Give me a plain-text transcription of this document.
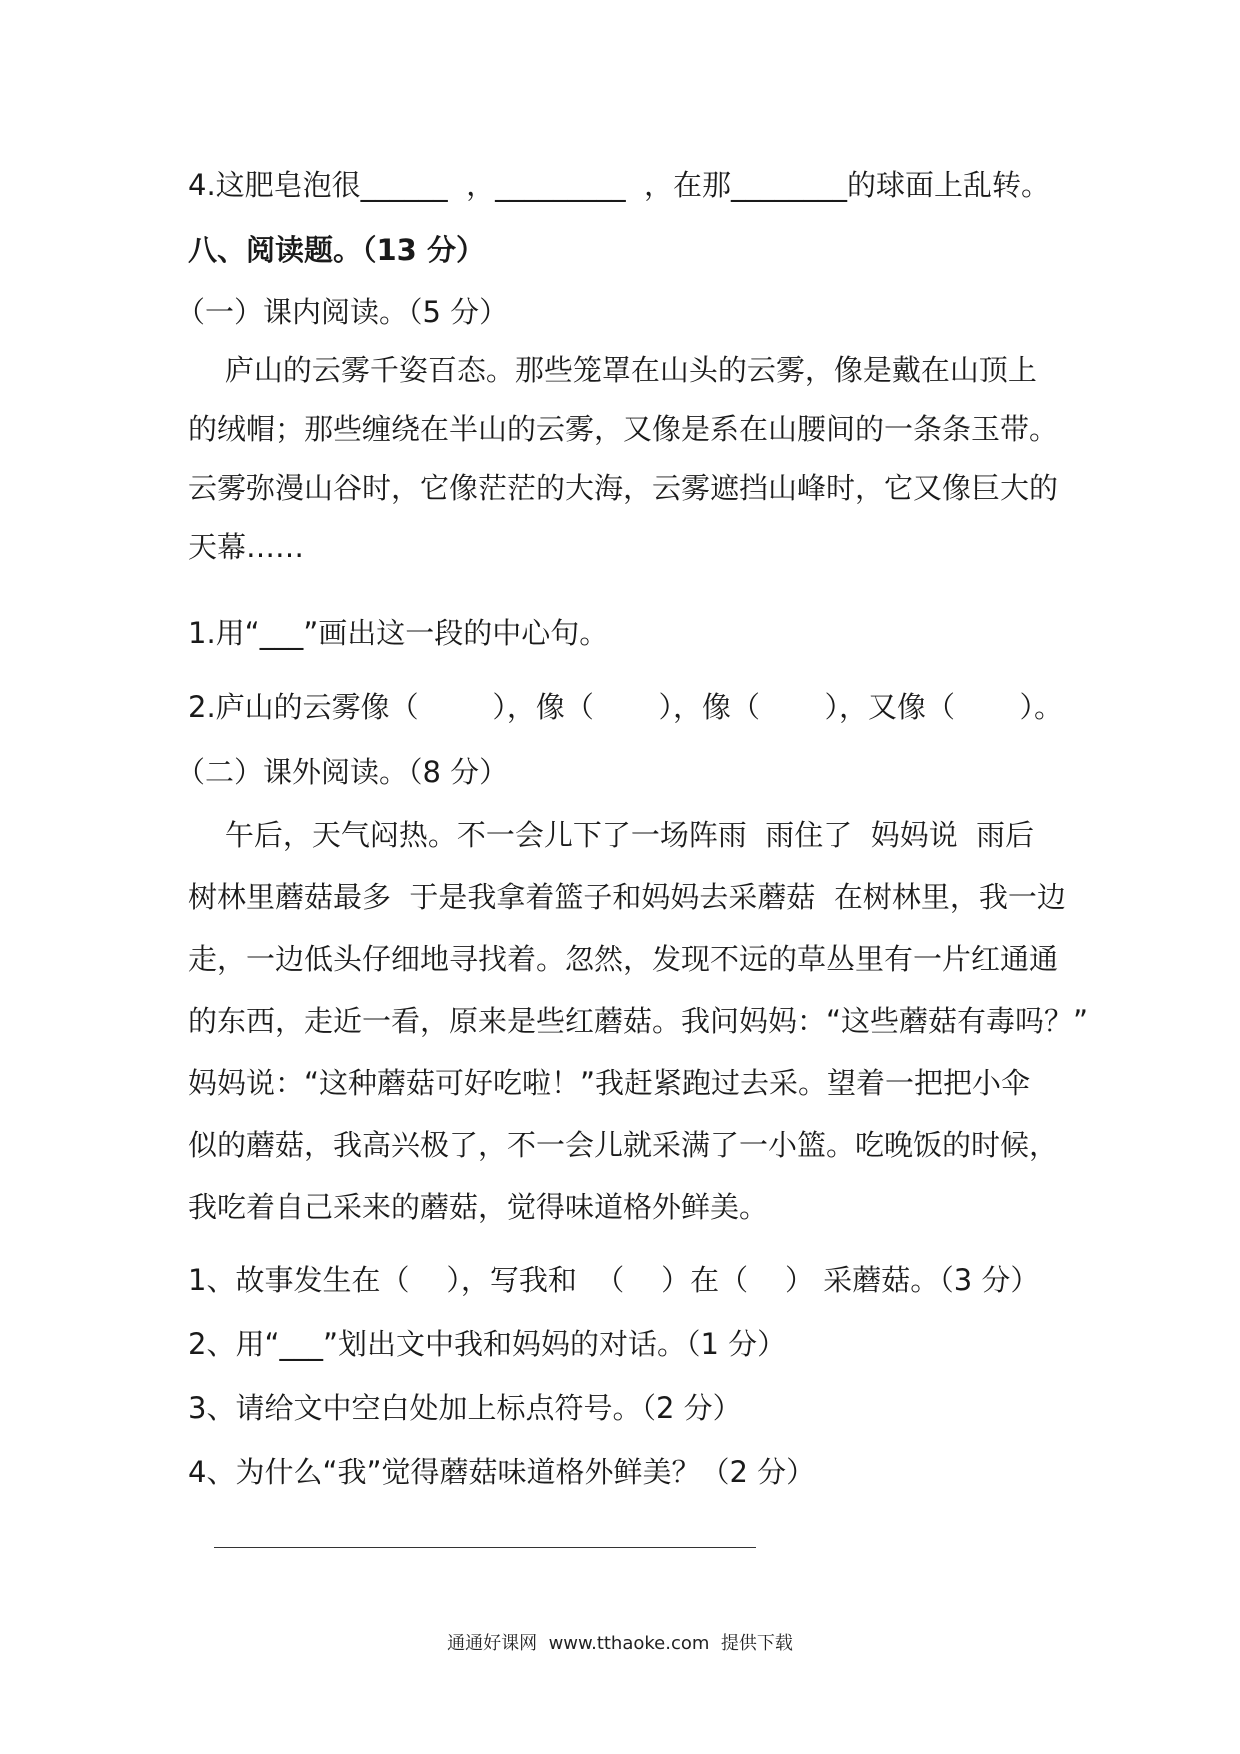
4.这肥皂泡很______  ，_________  ，在那________的球面上乱转。
八、阅读题。（13 分）
（一）课内阅读。（5 分）
庐山的云雾千姿百态。那些笼罩在山头的云雾，像是戴在山顶上
的绒帽；那些缠绕在半山的云雾，又像是系在山腰间的一条条玉带。
云雾弥漫山谷时，它像茫茫的大海，云雾遮挡山峰时，它又像巨大的
天幕……
1.用“___”画出这一段的中心句。
2.庐山的云雾像（        ），像（       ），像（       ），又像（       ）。
（二）课外阅读。（8 分）
午后，天气闷热。不一会儿下了一场阵雨  雨住了  妈妈说  雨后
树林里蘑菇最多  于是我拿着篮子和妈妈去采蘑菇  在树林里，我一边
走，一边低头仔细地寻找着。忽然，发现不远的草丛里有一片红通通
的东西，走近一看，原来是些红蘑菇。我问妈妈：“这些蘑菇有毒吗？”
妈妈说：“这种蘑菇可好吃啦！”我赶紧跑过去采。望着一把把小伞
似的蘑菇，我高兴极了，不一会儿就采满了一小篮。吃晚饭的时候，
我吃着自己采来的蘑菇，觉得味道格外鲜美。
1、故事发生在（    ），写我和  （    ）在（    ） 采蘑菇。（3 分）
2、用“___”划出文中我和妈妈的对话。（1 分）
3、请给文中空白处加上标点符号。（2 分）
4、为什么“我”觉得蘑菇味道格外鲜美？（2 分）
通通好课网  www.tthaoke.com  提供下载
